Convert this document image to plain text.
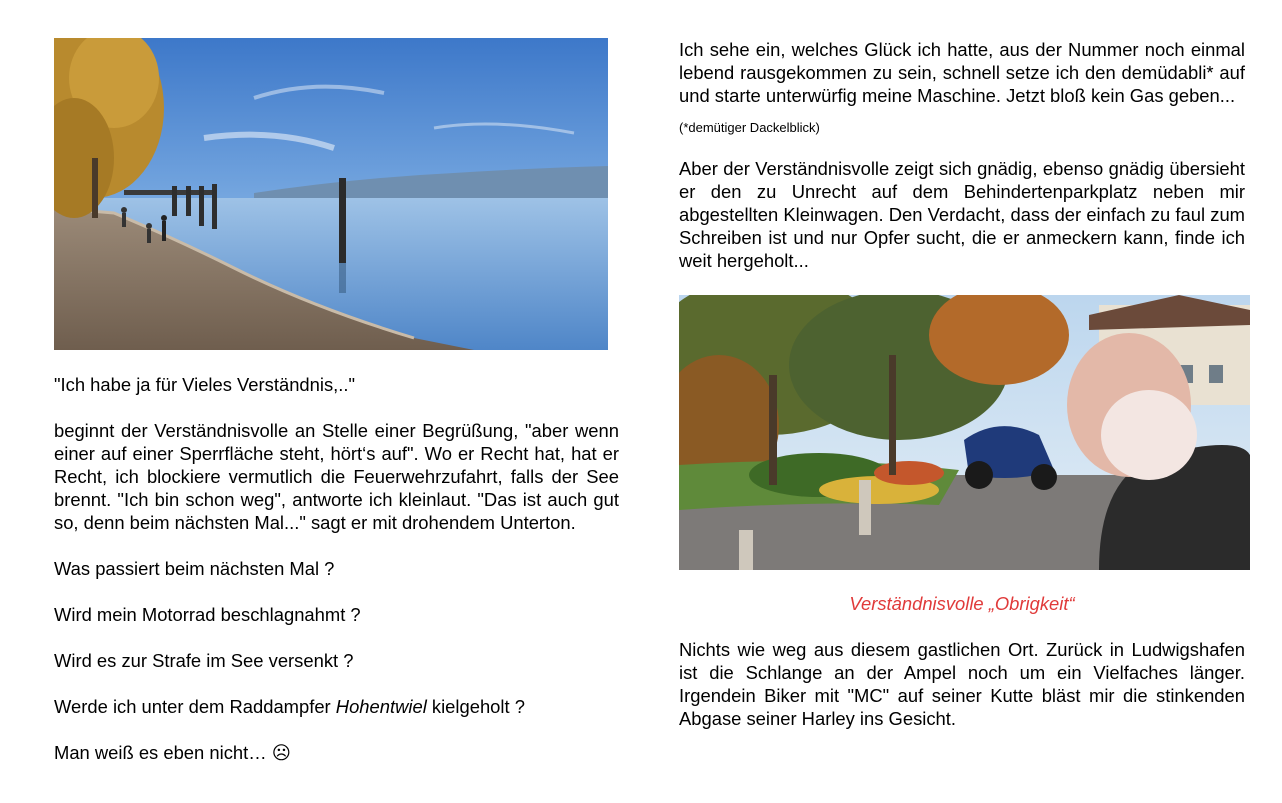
"Ich habe ja für Vieles Verständnis,.."

beginnt der Verständnisvolle an Stelle einer Begrüßung, "aber wenn einer auf einer Sperrfläche steht, hört‘s auf". Wo er Recht hat, hat er Recht, ich blockiere vermutlich die Feuerwehrzufahrt, falls der See brennt. "Ich bin schon weg", antworte ich kleinlaut. "Das ist auch gut so, denn beim nächsten Mal..." sagt er mit drohendem Unterton.

Was passiert beim nächsten Mal ?

Wird mein Motorrad beschlagnahmt ?

Wird es zur Strafe im See versenkt ?

Werde ich unter dem Raddampfer Hohentwiel kielgeholt ?

Man weiß es eben nicht… ☹

Ich sehe ein, welches Glück ich hatte, aus der Nummer noch einmal lebend rausgekommen zu sein, schnell setze ich den demüdabli* auf und starte unterwürfig meine Maschine. Jetzt bloß kein Gas geben...

(*demütiger Dackelblick)

Aber der Verständnisvolle zeigt sich gnädig, ebenso gnädig übersieht er den zu Unrecht auf dem Behindertenparkplatz neben mir abgestellten Kleinwagen. Den Verdacht, dass der einfach zu faul zum Schreiben ist und nur Opfer sucht, die er anmeckern kann, finde ich weit hergeholt...

Verständnisvolle „Obrigkeit“

Nichts wie weg aus diesem gastlichen Ort. Zurück in Ludwigshafen ist die Schlange an der Ampel noch um ein Vielfaches länger. Irgendein Biker mit "MC" auf seiner Kutte bläst mir die stinkenden Abgase seiner Harley ins Gesicht.
